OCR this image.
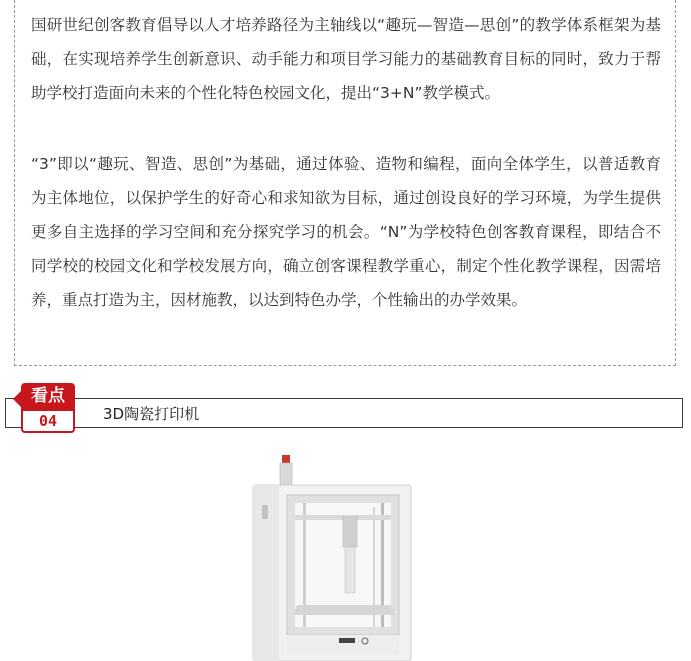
国研世纪创客教育倡导以人才培养路径为主轴线以“趣玩—智造—思创”的教学体系框架为基础，在实现培养学生创新意识、动手能力和项目学习能力的基础教育目标的同时，致力于帮助学校打造面向未来的个性化特色校园文化，提出“3+N”教学模式。

“3”即以“趣玩、智造、思创”为基础，通过体验、造物和编程，面向全体学生，以普适教育为主体地位，以保护学生的好奇心和求知欲为目标，通过创设良好的学习环境，为学生提供更多自主选择的学习空间和充分探究学习的机会。“N”为学校特色创客教育课程，即结合不同学校的校园文化和学校发展方向，确立创客课程教学重心，制定个性化教学课程，因需培养，重点打造为主，因材施教，以达到特色办学，个性输出的办学效果。

3D陶瓷打印机
看点
04
